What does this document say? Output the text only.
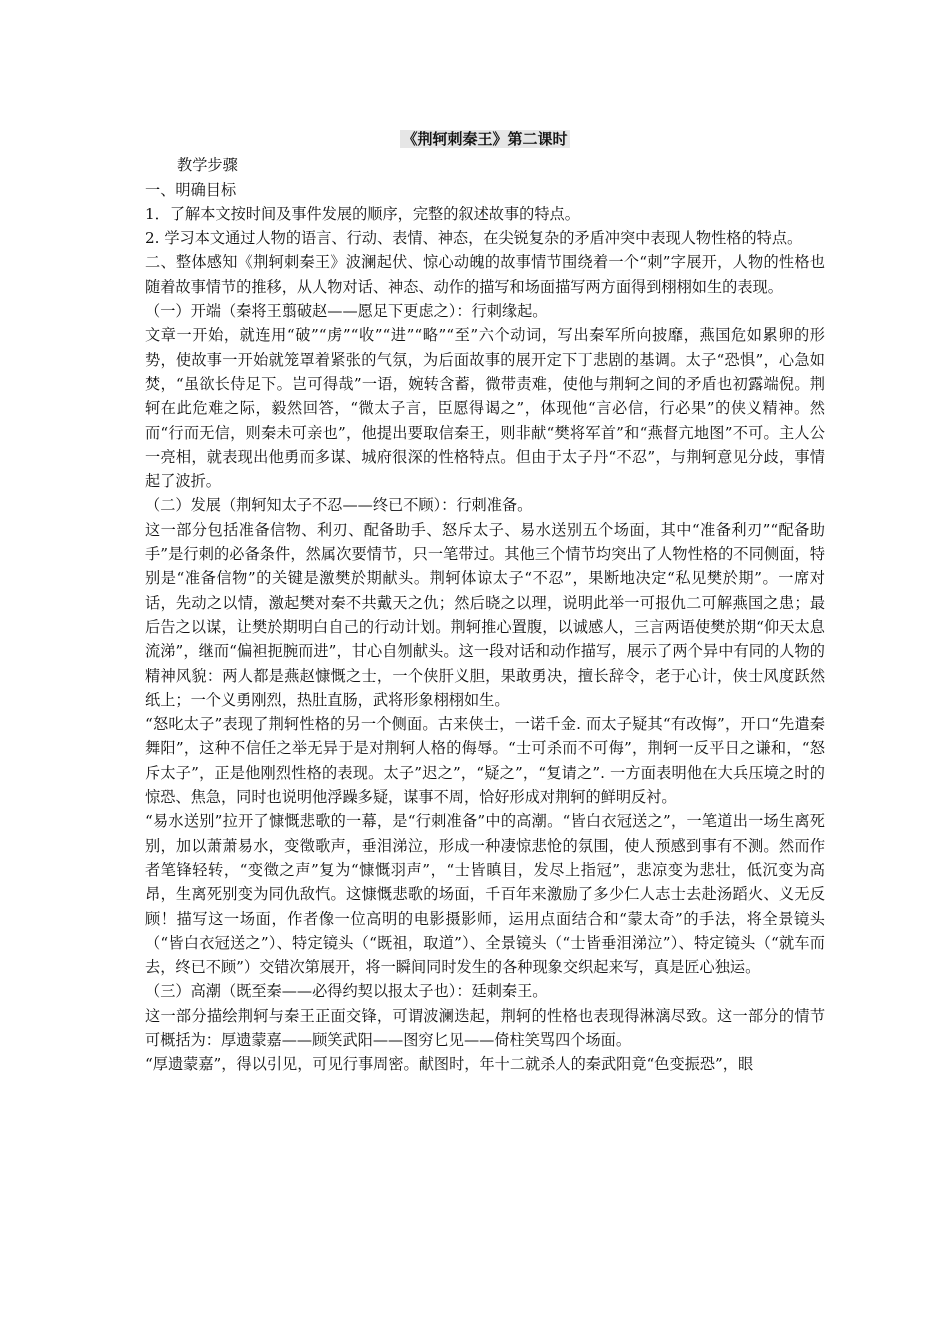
《荆轲刺秦王》第二课时

教学步骤

一、明确目标

1．了解本文按时间及事件发展的顺序，完整的叙述故事的特点。

2. 学习本文通过人物的语言、行动、表情、神态，在尖锐复杂的矛盾冲突中表现人物性格的特点。

二、整体感知《荆轲刺秦王》波澜起伏、惊心动魄的故事情节围绕着一个“刺”字展开，人物的性格也随着故事情节的推移，从人物对话、神态、动作的描写和场面描写两方面得到栩栩如生的表现。

（一）开端（秦将王翦破赵——愿足下更虑之）：行刺缘起。

文章一开始，就连用“破”“虏”“收”“进”“略”“至”六个动词，写出秦军所向披靡，燕国危如累卵的形势，使故事一开始就笼罩着紧张的气氛，为后面故事的展开定下丁悲剧的基调。太子“恐惧”，心急如焚，“虽欲长侍足下。岂可得哉”一语，婉转含蓄，微带责难，使他与荆轲之间的矛盾也初露端倪。荆轲在此危难之际，毅然回答，“微太子言，臣愿得谒之”，体现他“言必信，行必果”的侠义精神。然而“行而无信，则秦未可亲也”，他提出要取信秦王，则非献“樊将军首”和“燕督亢地图”不可。主人公一亮相，就表现出他勇而多谋、城府很深的性格特点。但由于太子丹“不忍”，与荆轲意见分歧，事情起了波折。

（二）发展（荆轲知太子不忍——终已不顾）：行刺准备。

这一部分包括准备信物、利刃、配备助手、怒斥太子、易水送别五个场面，其中“准备利刃”“配备助手”是行刺的必备条件，然属次要情节，只一笔带过。其他三个情节均突出了人物性格的不同侧面，特别是“准备信物”的关键是激樊於期献头。荆轲体谅太子“不忍”，果断地决定“私见樊於期”。一席对话，先动之以情，激起樊对秦不共戴天之仇；然后晓之以理，说明此举一可报仇二可解燕国之患；最后告之以谋，让樊於期明白自己的行动计划。荆轲推心置腹，以诚感人，三言两语使樊於期“仰天太息流涕”，继而“偏袒扼腕而进”，甘心自刎献头。这一段对话和动作描写，展示了两个异中有同的人物的精神风貌：两人都是燕赵慷慨之士，一个侠肝义胆，果敢勇决，擅长辞令，老于心计，侠士风度跃然纸上；一个义勇刚烈，热肚直肠，武将形象栩栩如生。

“怒叱太子”表现了荆轲性格的另一个侧面。古来侠士，一诺千金. 而太子疑其“有改悔”，开口“先遣秦舞阳”，这种不信任之举无异于是对荆轲人格的侮辱。“士可杀而不可侮”，荆轲一反平日之谦和，“怒斥太子”，正是他刚烈性格的表现。太子”迟之”，“疑之”，“复请之”. 一方面表明他在大兵压境之时的惊恐、焦急，同时也说明他浮躁多疑，谋事不周，恰好形成对荆轲的鲜明反衬。

“易水送别”拉开了慷慨悲歌的一幕，是“行刺准备”中的高潮。“皆白衣冠送之”，一笔道出一场生离死别，加以萧萧易水，变徵歌声，垂泪涕泣，形成一种凄惊悲怆的氛围，使人预感到事有不测。然而作者笔锋轻转，“变徵之声”复为“慷慨羽声”，“士皆瞋目，发尽上指冠”，悲凉变为悲壮，低沉变为高昂，生离死别变为同仇敌忾。这慷慨悲歌的场面，千百年来激励了多少仁人志士去赴汤蹈火、义无反顾！描写这一场面，作者像一位高明的电影摄影师，运用点面结合和“蒙太奇”的手法，将全景镜头（“皆白衣冠送之”）、特定镜头（“既祖，取道”）、全景镜头（“士皆垂泪涕泣”）、特定镜头（“就车而去，终已不顾”）交错次第展开，将一瞬间同时发生的各种现象交织起来写，真是匠心独运。

（三）高潮（既至秦——必得约契以报太子也）：廷刺秦王。

这一部分描绘荆轲与秦王正面交锋，可谓波澜迭起，荆轲的性格也表现得淋漓尽致。这一部分的情节可概括为：厚遗蒙嘉——顾笑武阳——图穷匕见——倚柱笑骂四个场面。

“厚遗蒙嘉”，得以引见，可见行事周密。献图时，年十二就杀人的秦武阳竟“色变振恐”，眼
